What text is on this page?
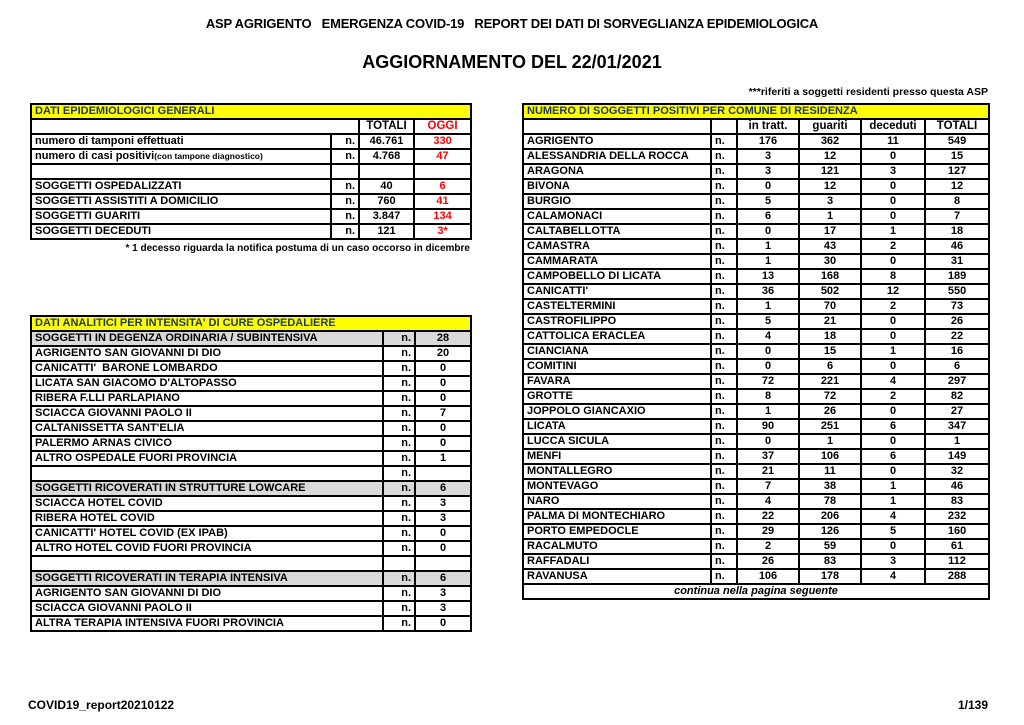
ASP AGRIGENTO   EMERGENZA COVID-19   REPORT DEI DATI DI SORVEGLIANZA EPIDEMIOLOGICA
AGGIORNAMENTO DEL 22/01/2021
***riferiti a soggetti residenti presso questa ASP
DATI EPIDEMIOLOGICI GENERALI			
		TOTALI	OGGI
numero di tamponi effettuati	n.	46.761	330
numero di casi positivi(con tampone diagnostico)	n.	4.768	47

SOGGETTI OSPEDALIZZATI	n.	40	6
SOGGETTI ASSISTITI A DOMICILIO	n.	760	41
SOGGETTI GUARITI	n.	3.847	134
SOGGETTI DECEDUTI	n.	121	3*
* 1 decesso riguarda la notifica postuma di un caso occorso in dicembre
DATI ANALITICI PER INTENSITA' DI CURE OSPEDALIERE		
SOGGETTI IN DEGENZA ORDINARIA / SUBINTENSIVA	n.	28
AGRIGENTO SAN GIOVANNI DI DIO	n.	20
CANICATTI'  BARONE LOMBARDO	n.	0
LICATA SAN GIACOMO D'ALTOPASSO	n.	0
RIBERA F.LLI PARLAPIANO	n.	0
SCIACCA GIOVANNI PAOLO II	n.	7
CALTANISSETTA SANT'ELIA	n.	0
PALERMO ARNAS CIVICO	n.	0
ALTRO OSPEDALE FUORI PROVINCIA	n.	1
	n.	
SOGGETTI RICOVERATI IN STRUTTURE LOWCARE	n.	6
SCIACCA HOTEL COVID	n.	3
RIBERA HOTEL COVID	n.	3
CANICATTI' HOTEL COVID (EX IPAB)	n.	0
ALTRO HOTEL COVID FUORI PROVINCIA	n.	0

SOGGETTI RICOVERATI IN TERAPIA INTENSIVA	n.	6
AGRIGENTO SAN GIOVANNI DI DIO	n.	3
SCIACCA GIOVANNI PAOLO II	n.	3
ALTRA TERAPIA INTENSIVA FUORI PROVINCIA	n.	0
NUMERO DI SOGGETTI POSITIVI PER COMUNE DI RESIDENZA					
		in tratt.	guariti	deceduti	TOTALI
AGRIGENTO	n.	176	362	11	549
ALESSANDRIA DELLA ROCCA	n.	3	12	0	15
ARAGONA	n.	3	121	3	127
BIVONA	n.	0	12	0	12
BURGIO	n.	5	3	0	8
CALAMONACI	n.	6	1	0	7
CALTABELLOTTA	n.	0	17	1	18
CAMASTRA	n.	1	43	2	46
CAMMARATA	n.	1	30	0	31
CAMPOBELLO DI LICATA	n.	13	168	8	189
CANICATTI'	n.	36	502	12	550
CASTELTERMINI	n.	1	70	2	73
CASTROFILIPPO	n.	5	21	0	26
CATTOLICA ERACLEA	n.	4	18	0	22
CIANCIANA	n.	0	15	1	16
COMITINI	n.	0	6	0	6
FAVARA	n.	72	221	4	297
GROTTE	n.	8	72	2	82
JOPPOLO GIANCAXIO	n.	1	26	0	27
LICATA	n.	90	251	6	347
LUCCA SICULA	n.	0	1	0	1
MENFI	n.	37	106	6	149
MONTALLEGRO	n.	21	11	0	32
MONTEVAGO	n.	7	38	1	46
NARO	n.	4	78	1	83
PALMA DI MONTECHIARO	n.	22	206	4	232
PORTO EMPEDOCLE	n.	29	126	5	160
RACALMUTO	n.	2	59	0	61
RAFFADALI	n.	26	83	3	112
RAVANUSA	n.	106	178	4	288
continua nella pagina seguente					
COVID19_report20210122	1/139
